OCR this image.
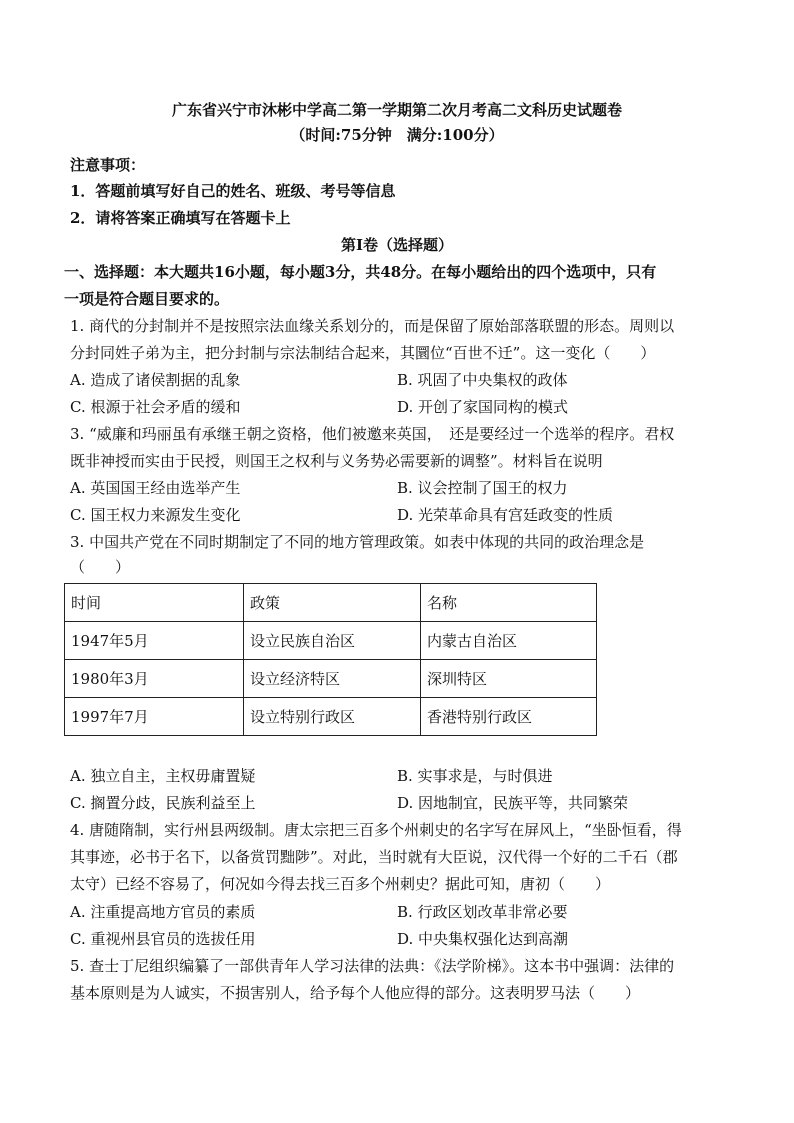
广东省兴宁市沐彬中学高二第一学期第二次月考高二文科历史试题卷
（时间:75分钟　满分:100分）
注意事项：
1．答题前填写好自己的姓名、班级、考号等信息
2．请将答案正确填写在答题卡上
第I卷（选择题）
一、选择题：本大题共16小题，每小题3分，共48分。在每小题给出的四个选项中，只有
一项是符合题目要求的。
1. 商代的分封制并不是按照宗法血缘关系划分的，而是保留了原始部落联盟的形态。周则以
分封同姓子弟为主，把分封制与宗法制结合起来，其圜位“百世不迁”。这一变化（　　）
A. 造成了诸侯割据的乱象	B. 巩固了中央集权的政体
C. 根源于社会矛盾的缓和	D. 开创了家国同构的模式
3. “威廉和玛丽虽有承继王朝之资格，他们被邀来英国，　还是要经过一个选举的程序。君权
既非神授而实由于民授，则国王之权利与义务势必需要新的调整”。材料旨在说明
A. 英国国王经由选举产生	B. 议会控制了国王的权力
C. 国王权力来源发生变化	D. 光荣革命具有宫廷政变的性质
3. 中国共产党在不同时期制定了不同的地方管理政策。如表中体现的共同的政治理念是
（　　）
时间	政策	名称
1947年5月	设立民族自治区	内蒙古自治区
1980年3月	设立经济特区	深圳特区
1997年7月	设立特别行政区	香港特别行政区
A. 独立自主，主权毋庸置疑	B. 实事求是，与时俱进
C. 搁置分歧，民族利益至上	D. 因地制宜，民族平等，共同繁荣
4. 唐随隋制，实行州县两级制。唐太宗把三百多个州刺史的名字写在屏风上，“坐卧恒看，得
其事迹，必书于名下，以备赏罚黜陟”。对此，当时就有大臣说，汉代得一个好的二千石（郡
太守）已经不容易了，何况如今得去找三百多个州刺史？据此可知，唐初（　　）
A. 注重提高地方官员的素质	B. 行政区划改革非常必要
C. 重视州县官员的选拔任用	D. 中央集权强化达到高潮
5. 查士丁尼组织编纂了一部供青年人学习法律的法典：《法学阶梯》。这本书中强调：法律的
基本原则是为人诚实，不损害别人，给予每个人他应得的部分。这表明罗马法（　　）
